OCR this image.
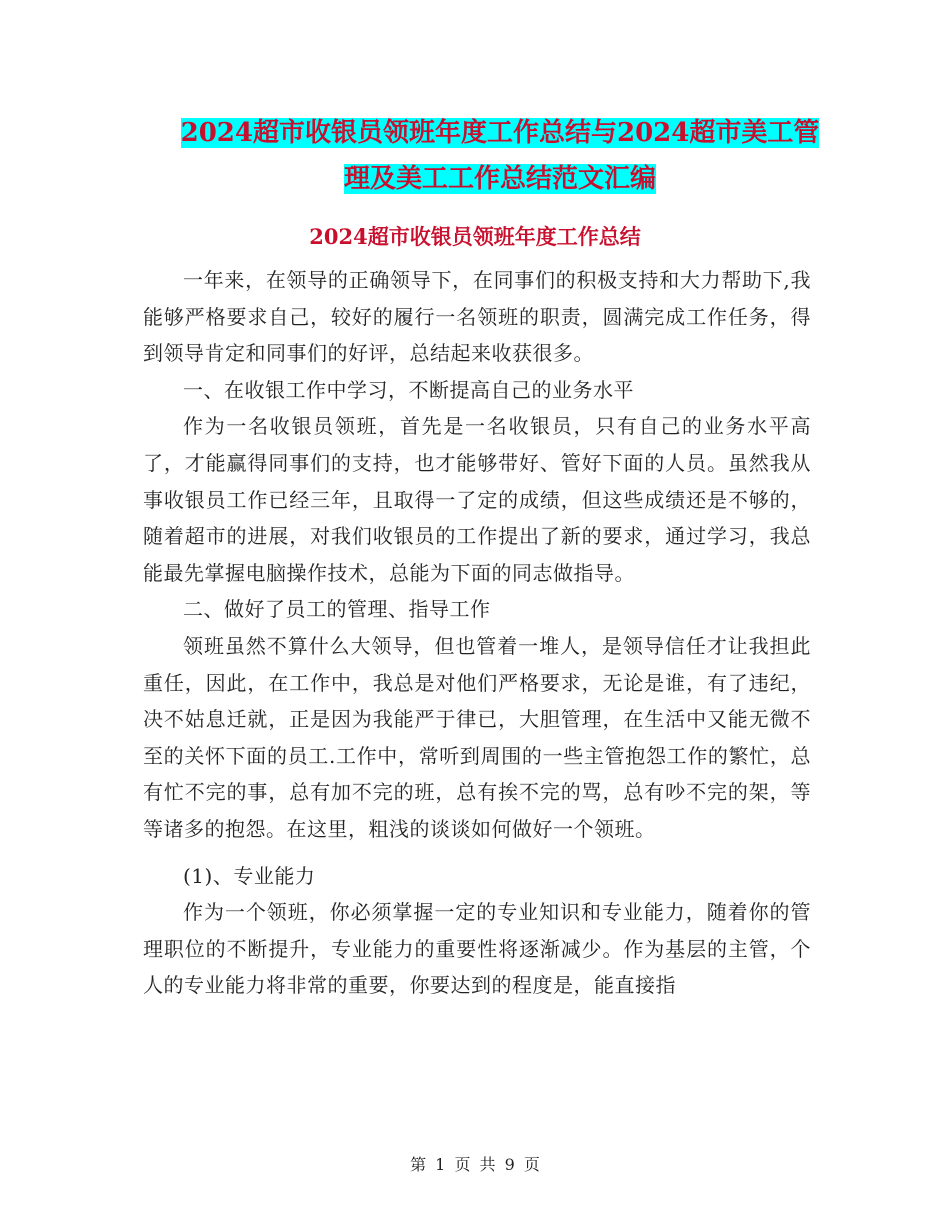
2024超市收银员领班年度工作总结与2024超市美工管
理及美工工作总结范文汇编
2024超市收银员领班年度工作总结

一年来，在领导的正确领导下，在同事们的积极支持和大力帮助下,我能够严格要求自己，较好的履行一名领班的职责，圆满完成工作任务，得到领导肯定和同事们的好评，总结起来收获很多。

一、在收银工作中学习，不断提高自己的业务水平

作为一名收银员领班，首先是一名收银员，只有自己的业务水平高了，才能赢得同事们的支持，也才能够带好、管好下面的人员。虽然我从事收银员工作已经三年，且取得一了定的成绩，但这些成绩还是不够的，随着超市的进展，对我们收银员的工作提出了新的要求，通过学习，我总能最先掌握电脑操作技术，总能为下面的同志做指导。

二、做好了员工的管理、指导工作

领班虽然不算什么大领导，但也管着一堆人，是领导信任才让我担此重任，因此，在工作中，我总是对他们严格要求，无论是谁，有了违纪，决不姑息迁就，正是因为我能严于律已，大胆管理，在生活中又能无微不至的关怀下面的员工.工作中，常听到周围的一些主管抱怨工作的繁忙，总有忙不完的事，总有加不完的班，总有挨不完的骂，总有吵不完的架，等等诸多的抱怨。在这里，粗浅的谈谈如何做好一个领班。

(1)、专业能力

作为一个领班，你必须掌握一定的专业知识和专业能力，随着你的管理职位的不断提升，专业能力的重要性将逐渐减少。作为基层的主管，个人的专业能力将非常的重要，你要达到的程度是，能直接指

第 1 页 共 9 页
